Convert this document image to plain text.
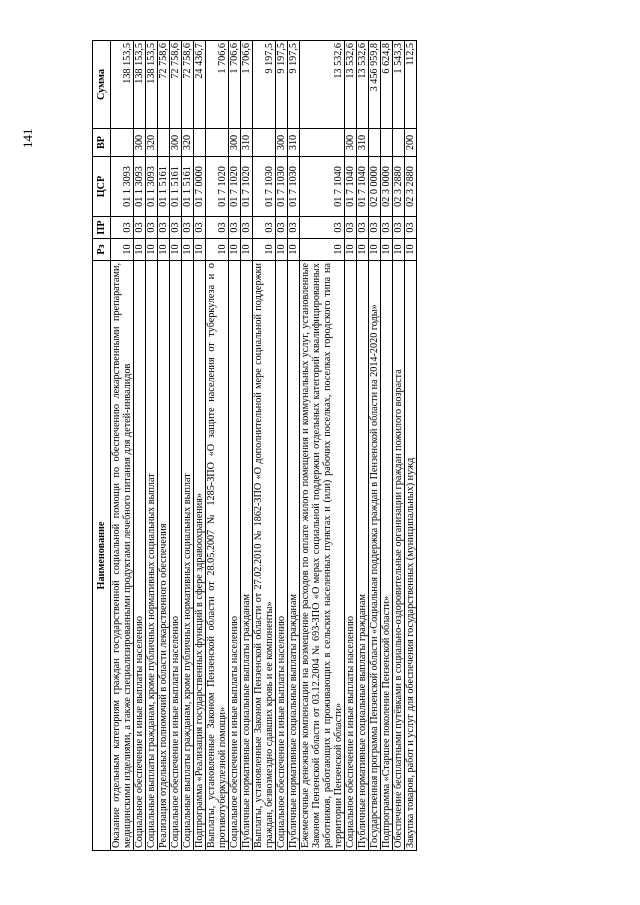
141
Наименование	Рз	ПР	ЦСР	ВР	Сумма
Оказание отдельным категориям граждан государственной социальной помощи по обеспечению лекарственными препаратами, медицинскими изделиями, а также специализированными продуктами лечебного питания для детей-инвалидов	10	03	01 1 3093		138 153,5
Социальное обеспечение и иные выплаты населению	10	03	01 1 3093	300	138 153,5
Социальные выплаты гражданам, кроме публичных нормативных социальных выплат	10	03	01 1 3093	320	138 153,5
Реализация отдельных полномочий в области лекарственного обеспечения	10	03	01 1 5161		72 758,6
Социальное обеспечение и иные выплаты населению	10	03	01 1 5161	300	72 758,6
Социальные выплаты гражданам, кроме публичных нормативных социальных выплат	10	03	01 1 5161	320	72 758,6
Подпрограмма «Реализация государственных функций в сфере здравоохранения»	10	03	01 7 0000		24 436,7
Выплаты, установленные Законом Пензенской области от 28.05.2007 № 1285-ЗПО «О защите населения от туберкулеза и о противотуберкулезной помощи»	10	03	01 7 1020		1 706,6
Социальное обеспечение и иные выплаты населению	10	03	01 7 1020	300	1 706,6
Публичные нормативные социальные выплаты гражданам	10	03	01 7 1020	310	1 706,6
Выплаты, установленные Законом Пензенской области от 27.02.2010 № 1862-ЗПО «О дополнительной мере социальной поддержки граждан, безвозмездно сдавших кровь и ее компоненты»	10	03	01 7 1030		9 197,5
Социальное обеспечение и иные выплаты населению	10	03	01 7 1030	300	9 197,5
Публичные нормативные социальные выплаты гражданам	10	03	01 7 1030	310	9 197,5
Ежемесячные денежные компенсации на возмещение расходов по оплате жилого помещения и коммунальных услуг, установленные Законом Пензенской области от 03.12.2004 № 693-ЗПО «О мерах социальной поддержки отдельных категорий квалифицированных работников, работающих и проживающих в сельских населенных пунктах и (или) рабочих поселках, поселках городского типа на территории Пензенской области»	10	03	01 7 1040		13 532,6
Социальное обеспечение и иные выплаты населению	10	03	01 7 1040	300	13 532,6
Публичные нормативные социальные выплаты гражданам	10	03	01 7 1040	310	13 532,6
Государственная программа Пензенской области «Социальная поддержка граждан в Пензенской области на 2014-2020 годы»	10	03	02 0 0000		3 456 959,8
Подпрограмма «Старшее поколение Пензенской области»	10	03	02 3 0000		6 624,8
Обеспечение бесплатными путёвками в социально-оздоровительные организации граждан пожилого возраста	10	03	02 3 2880		1 543,3
Закупка товаров, работ и услуг для обеспечения государственных (муниципальных) нужд	10	03	02 3 2880	200	112,5
